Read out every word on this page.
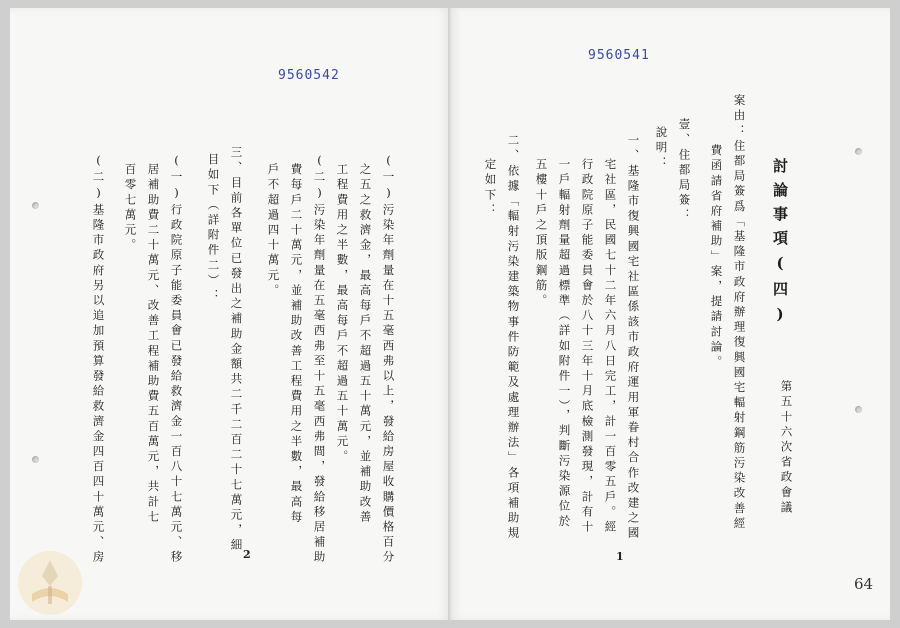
9560542
(一)污染年劑量在十五毫西弗以上，發給房屋收購價格百分
之五之救濟金，最高每戶不超過五十萬元，並補助改善
工程費用之半數，最高每戶不超過五十萬元。
(二)污染年劑量在五毫西弗至十五毫西弗間，發給移居補助
費每戶二十萬元，並補助改善工程費用之半數，最高每
戶不超過四十萬元。
三、目前各單位已發出之補助金額共二千二百二十七萬元，細
目如下（詳附件二）：
(一)行政院原子能委員會已發給救濟金一百八十七萬元、移
居補助費二十萬元、改善工程補助費五百萬元，共計七
百零七萬元。
(二)基隆市政府另以追加預算發給救濟金四百四十萬元、房	2
9560541
第五十六次省政會議
討論事項(四)
案由：住都局簽爲「基隆市政府辦理復興國宅輻射鋼筋污染改善經
費函請省府補助」案，提請討論。
壹、住都局簽：
說明：
一、基隆市復興國宅社區係該市政府運用軍眷村合作改建之國
宅社區，民國七十二年六月八日完工，計一百零五戶。經
行政院原子能委員會於八十三年十月底檢測發現，計有十
一戶輻射劑量超過標準（詳如附件一），判斷污染源位於
五樓十戶之頂版鋼筋。
二、依據「輻射污染建築物事件防範及處理辦法」各項補助規
定如下：
1
64
